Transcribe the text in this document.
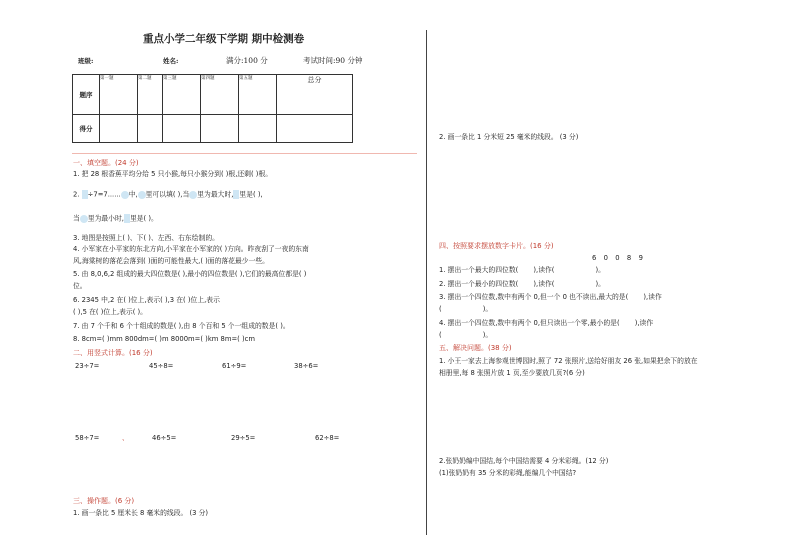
重点小学二年级下学期 期中检测卷
班级:	姓名:	满分:100 分	考试时间:90 分钟
题序	第一题	第二题	第三题	第四题	第五题	总分
得分						
一、填空题。(24 分)
1. 把 28 根香蕉平均分给 5 只小猴,每只小猴分到( )根,还剩( )根。
2. ÷7=7...... 中, 里可以填( ),当 里为最大时, 里是( ),
当 里为最小时, 里是( )。
3. 地图是按照上( )、下( )、左西、右东绘制的。
4. 小军家在小平家的东北方向,小平家在小军家的( )方向。昨夜刮了一夜的东南
风,海棠树的落花会落到( )面的可能性最大,( )面的落花最少一些。
5. 由 8,0,6,2 组成的最大四位数是( ),最小的四位数是( ),它们的最高位都是( )
位。
6. 2345 中,2 在( )位上,表示( ),3 在( )位上,表示
( ),5 在( )位上,表示( )。
7. 由 7 个千和 6 个十组成的数是( ),由 8 个百和 5 个一组成的数是( )。
8. 8cm=( )mm 800dm=( )m 8000m=( )km 8m=( )cm
二、用竖式计算。(16 分)
23÷7=	45÷8=	61÷9=	38÷6=
58÷7=	、	46÷5=	29÷5=	62÷8=
三、操作题。(6 分)
1. 画一条比 5 厘米长 8 毫米的线段。 (3 分)
2. 画一条比 1 分米短 25 毫米的线段。 (3 分)
四、按照要求摆放数字卡片。(16 分)
6  0  0  8  9
1. 摆出一个最大的四位数(       ),读作(                   )。
2. 摆出一个最小的四位数(       ),读作(                   )。
3. 摆出一个四位数,数中有两个 0,但一个 0 也不读出,最大的是(       ),读作
(                   )。
4. 摆出一个四位数,数中有两个 0,但只读出一个零,最小的是(       ),读作
(                   )。
五、解决问题。(38 分)
1. 小王一家去上海参观世博园时,照了 72 张照片,送给好朋友 26 张,如果把余下的放在
相册里,每 8 张照片放 1 页,至少要放几页?(6 分)
2.张奶奶编中国结,每个中国结需要 4 分米彩绳。(12 分)
(1)张奶奶有 35 分米的彩绳,能编几个中国结?
